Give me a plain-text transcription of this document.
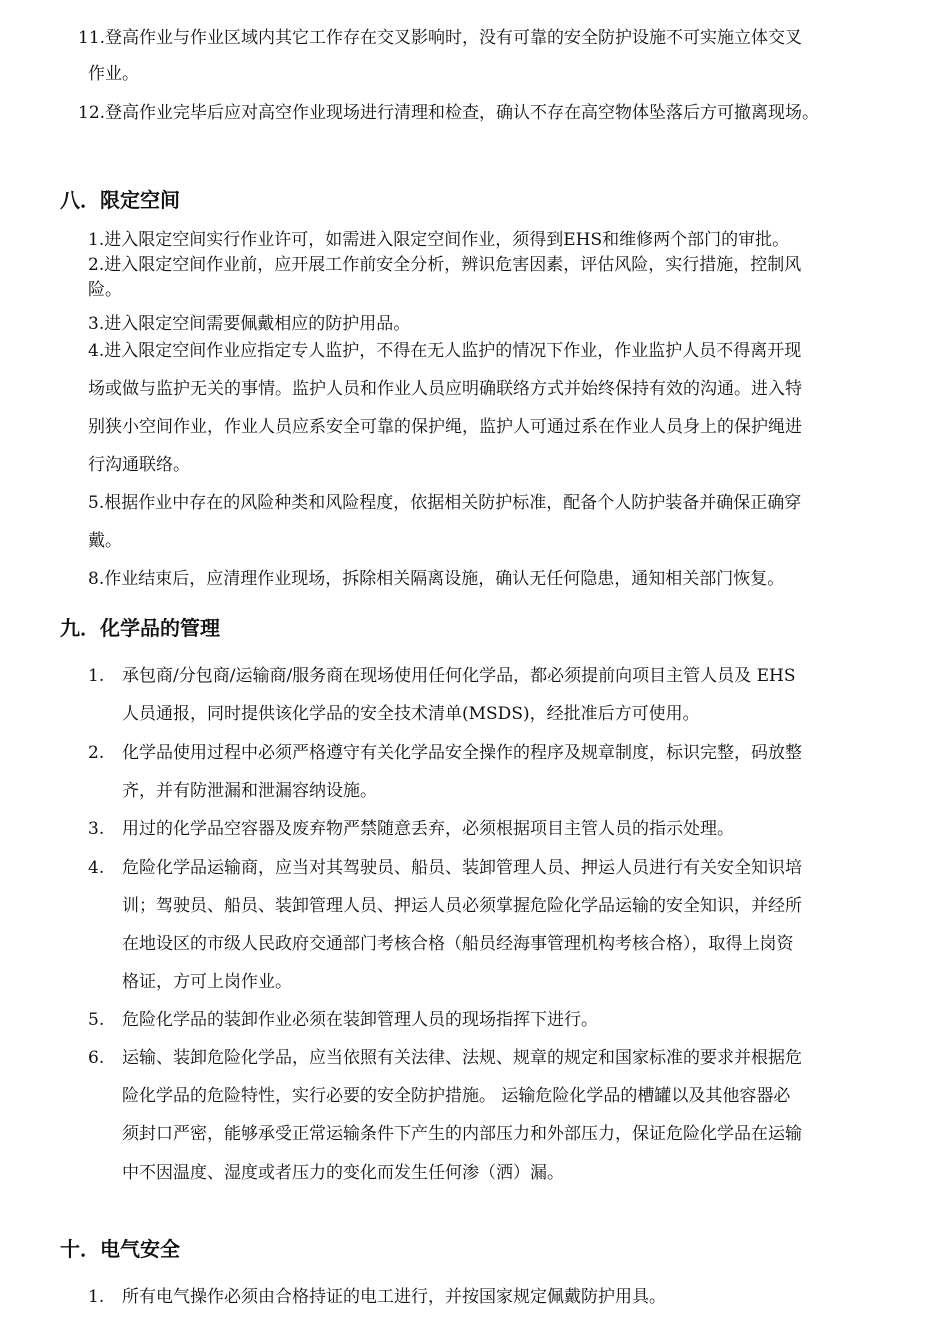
11.登高作业与作业区域内其它工作存在交叉影响时，没有可靠的安全防护设施不可实施立体交叉
作业。
12.登高作业完毕后应对高空作业现场进行清理和检查，确认不存在高空物体坠落后方可撤离现场。
八．限定空间
1.进入限定空间实行作业许可，如需进入限定空间作业，须得到EHS和维修两个部门的审批。
2.进入限定空间作业前，应开展工作前安全分析，辨识危害因素，评估风险，实行措施，控制风
险。
3.进入限定空间需要佩戴相应的防护用品。
4.进入限定空间作业应指定专人监护，不得在无人监护的情况下作业，作业监护人员不得离开现
场或做与监护无关的事情。监护人员和作业人员应明确联络方式并始终保持有效的沟通。进入特
别狭小空间作业，作业人员应系安全可靠的保护绳，监护人可通过系在作业人员身上的保护绳进
行沟通联络。
5.根据作业中存在的风险种类和风险程度，依据相关防护标准，配备个人防护装备并确保正确穿
戴。
8.作业结束后，应清理作业现场，拆除相关隔离设施，确认无任何隐患，通知相关部门恢复。
九．化学品的管理
1. 承包商/分包商/运输商/服务商在现场使用任何化学品，都必须提前向项目主管人员及 EHS
人员通报，同时提供该化学品的安全技术清单(MSDS)，经批准后方可使用。
2. 化学品使用过程中必须严格遵守有关化学品安全操作的程序及规章制度，标识完整，码放整
齐，并有防泄漏和泄漏容纳设施。
3. 用过的化学品空容器及废弃物严禁随意丢弃，必须根据项目主管人员的指示处理。
4. 危险化学品运输商，应当对其驾驶员、船员、装卸管理人员、押运人员进行有关安全知识培
训；驾驶员、船员、装卸管理人员、押运人员必须掌握危险化学品运输的安全知识，并经所
在地设区的市级人民政府交通部门考核合格（船员经海事管理机构考核合格），取得上岗资
格证，方可上岗作业。
5. 危险化学品的装卸作业必须在装卸管理人员的现场指挥下进行。
6. 运输、装卸危险化学品，应当依照有关法律、法规、规章的规定和国家标准的要求并根据危
险化学品的危险特性，实行必要的安全防护措施。 运输危险化学品的槽罐以及其他容器必
须封口严密，能够承受正常运输条件下产生的内部压力和外部压力，保证危险化学品在运输
中不因温度、湿度或者压力的变化而发生任何渗（洒）漏。
十．电气安全
1. 所有电气操作必须由合格持证的电工进行，并按国家规定佩戴防护用具。
